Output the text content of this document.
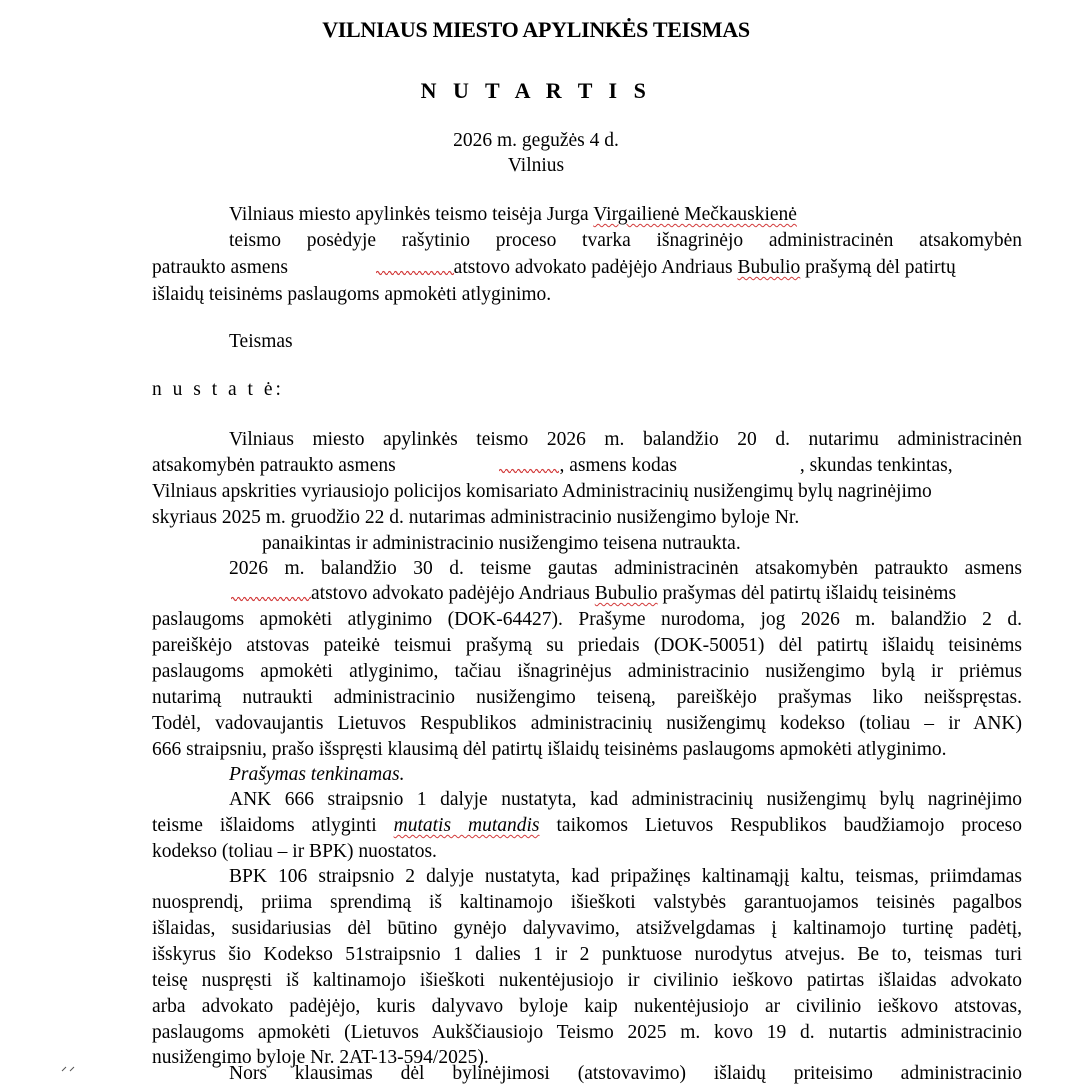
VILNIAUS MIESTO APYLINKĖS TEISMAS
N U T A R T I S
2026 m. gegužės 4 d.
Vilnius
Vilniaus miesto apylinkės teismo teisėja Jurga Virgailienė Mečkauskienė
teismo posėdyje rašytinio proceso tvarka išnagrinėjo administracinėn atsakomybėn
patraukto asmens	atstovo advokato padėjėjo Andriaus Bubulio prašymą dėl patirtų
išlaidų teisinėms paslaugoms apmokėti atlyginimo.
Teismas
n u s t a t ė:
Vilniaus miesto apylinkės teismo 2026 m. balandžio 20 d. nutarimu administracinėn
atsakomybėn patraukto asmens	, asmens kodas	, skundas tenkintas,
Vilniaus apskrities vyriausiojo policijos komisariato Administracinių nusižengimų bylų nagrinėjimo
skyriaus 2025 m. gruodžio 22 d. nutarimas administracinio nusižengimo byloje Nr.
panaikintas ir administracinio nusižengimo teisena nutraukta.
2026 m. balandžio 30 d. teisme gautas administracinėn atsakomybėn patraukto asmens
atstovo advokato padėjėjo Andriaus Bubulio prašymas dėl patirtų išlaidų teisinėms
paslaugoms apmokėti atlyginimo (DOK-64427). Prašyme nurodoma, jog 2026 m. balandžio 2 d.
pareiškėjo atstovas pateikė teismui prašymą su priedais (DOK-50051) dėl patirtų išlaidų teisinėms
paslaugoms apmokėti atlyginimo, tačiau išnagrinėjus administracinio nusižengimo bylą ir priėmus
nutarimą nutraukti administracinio nusižengimo teiseną, pareiškėjo prašymas liko neišspręstas.
Todėl, vadovaujantis Lietuvos Respublikos administracinių nusižengimų kodekso (toliau – ir ANK)
666 straipsniu, prašo išspręsti klausimą dėl patirtų išlaidų teisinėms paslaugoms apmokėti atlyginimo.
Prašymas tenkinamas.
ANK 666 straipsnio 1 dalyje nustatyta, kad administracinių nusižengimų bylų nagrinėjimo
teisme išlaidoms atlyginti mutatis mutandis taikomos Lietuvos Respublikos baudžiamojo proceso
kodekso (toliau – ir BPK) nuostatos.
BPK 106 straipsnio 2 dalyje nustatyta, kad pripažinęs kaltinamąjį kaltu, teismas, priimdamas
nuosprendį, priima sprendimą iš kaltinamojo išieškoti valstybės garantuojamos teisinės pagalbos
išlaidas, susidariusias dėl būtino gynėjo dalyvavimo, atsižvelgdamas į kaltinamojo turtinę padėtį,
išskyrus šio Kodekso 51straipsnio 1 dalies 1 ir 2 punktuose nurodytus atvejus. Be to, teismas turi
teisę nuspręsti iš kaltinamojo išieškoti nukentėjusiojo ir civilinio ieškovo patirtas išlaidas advokato
arba advokato padėjėjo, kuris dalyvavo byloje kaip nukentėjusiojo ar civilinio ieškovo atstovas,
paslaugoms apmokėti (Lietuvos Aukščiausiojo Teismo 2025 m. kovo 19 d. nutartis administracinio
nusižengimo byloje Nr. 2AT-13-594/2025).
Nors klausimas dėl bylinėjimosi (atstovavimo) išlaidų priteisimo administracinio
